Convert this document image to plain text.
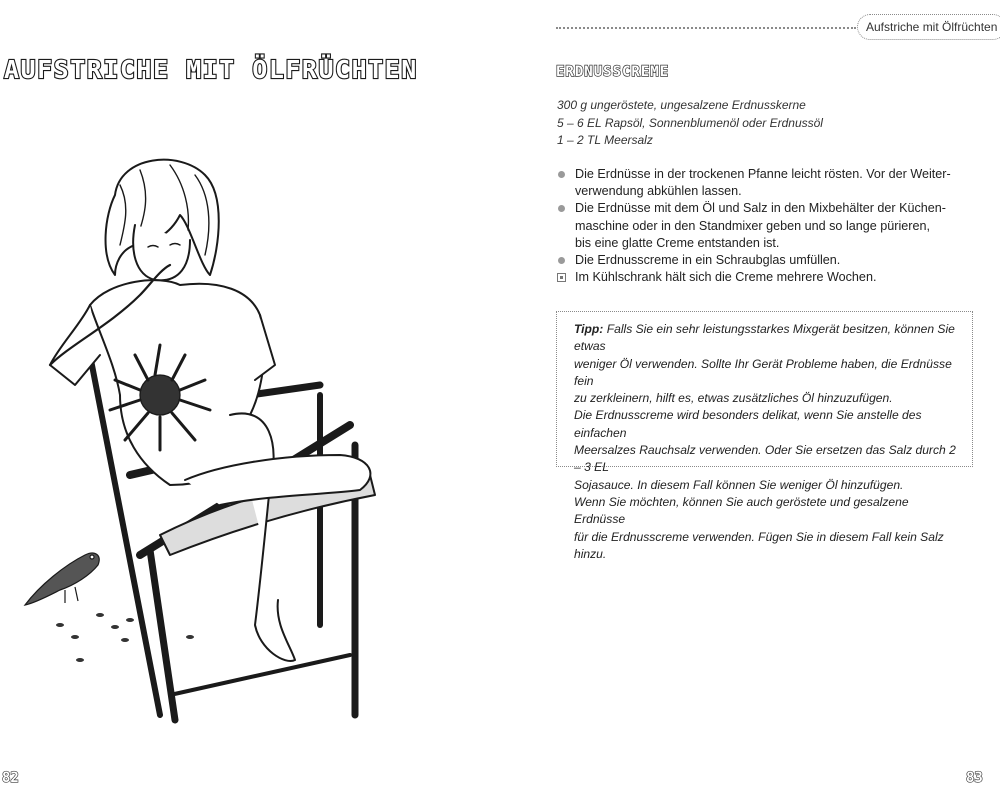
Aufstriche mit Ölfrüchten
AUFSTRICHE MIT ÖLFRÜCHTEN	ERDNUSSCREME
300 g ungeröstete, ungesalzene Erdnusskerne
5 – 6 EL Rapsöl, Sonnenblumenöl oder Erdnussöl
1 – 2 TL Meersalz
Die Erdnüsse in der trockenen Pfanne leicht rösten. Vor der Weiter-
verwendung abkühlen lassen.
Die Erdnüsse mit dem Öl und Salz in den Mixbehälter der Küchen-
maschine oder in den Standmixer geben und so lange pürieren,
bis eine glatte Creme entstanden ist.
Die Erdnusscreme in ein Schraubglas umfüllen.
Im Kühlschrank hält sich die Creme mehrere Wochen.

Tipp: Falls Sie ein sehr leistungsstarkes Mixgerät besitzen, können Sie etwas

weniger Öl verwenden. Sollte Ihr Gerät Probleme haben, die Erdnüsse fein

zu zerkleinern, hilft es, etwas zusätzliches Öl hinzuzufügen.

Die Erdnusscreme wird besonders delikat, wenn Sie anstelle des einfachen

Meersalzes Rauchsalz verwenden. Oder Sie ersetzen das Salz durch 2 – 3 EL

Sojasauce. In diesem Fall können Sie weniger Öl hinzufügen.

Wenn Sie möchten, können Sie auch geröstete und gesalzene Erdnüsse

für die Erdnusscreme verwenden. Fügen Sie in diesem Fall kein Salz hinzu.

82	83
